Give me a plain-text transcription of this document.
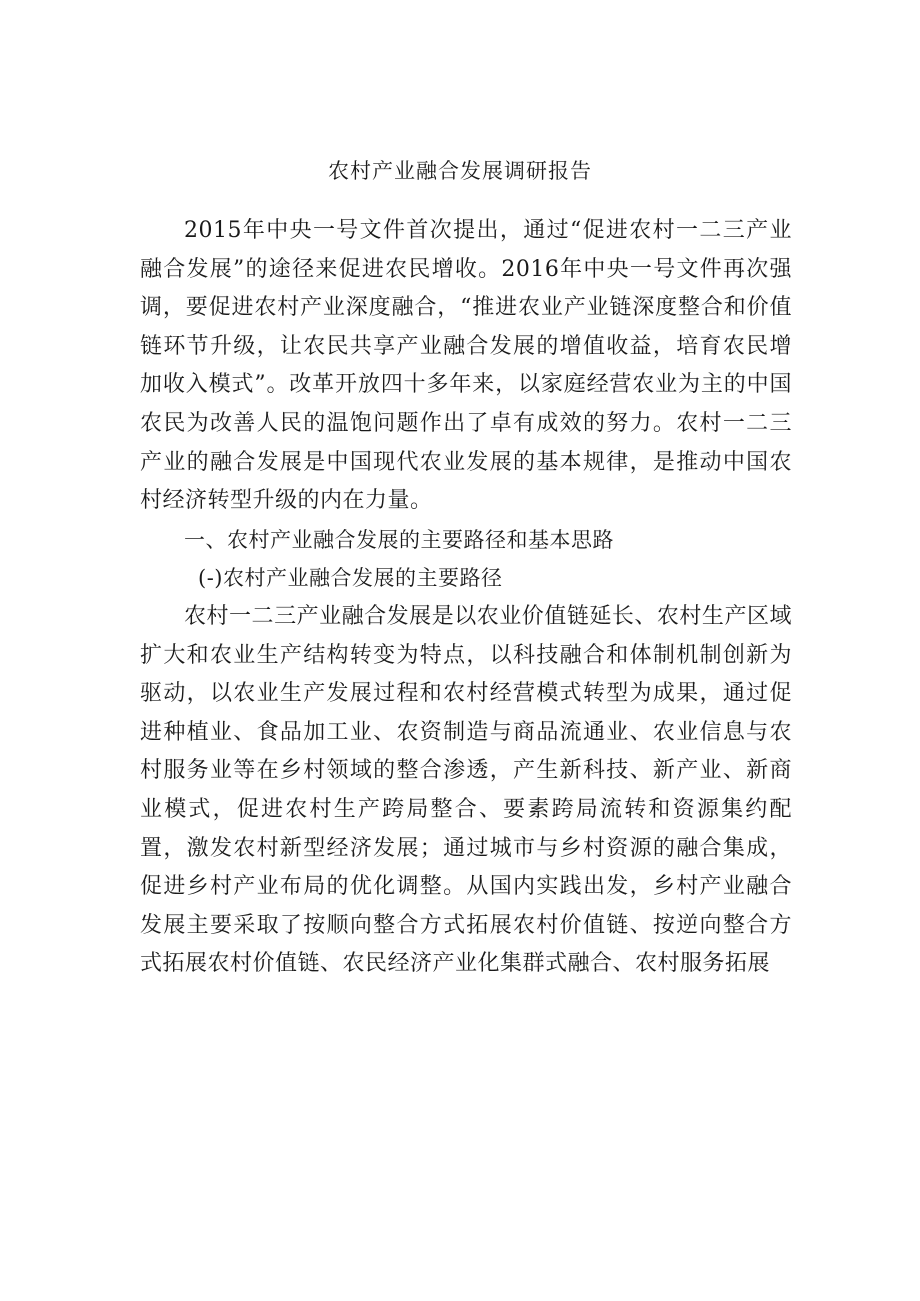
农村产业融合发展调研报告

2015年中央一号文件首次提出，通过“促进农村一二三产业融合发展”的途径来促进农民增收。2016年中央一号文件再次强调，要促进农村产业深度融合，“推进农业产业链深度整合和价值链环节升级，让农民共享产业融合发展的增值收益，培育农民增加收入模式”。改革开放四十多年来，以家庭经营农业为主的中国农民为改善人民的温饱问题作出了卓有成效的努力。农村一二三产业的融合发展是中国现代农业发展的基本规律，是推动中国农村经济转型升级的内在力量。

一、农村产业融合发展的主要路径和基本思路

(-)农村产业融合发展的主要路径

农村一二三产业融合发展是以农业价值链延长、农村生产区域扩大和农业生产结构转变为特点，以科技融合和体制机制创新为驱动，以农业生产发展过程和农村经营模式转型为成果，通过促进种植业、食品加工业、农资制造与商品流通业、农业信息与农村服务业等在乡村领域的整合渗透，产生新科技、新产业、新商业模式，促进农村生产跨局整合、要素跨局流转和资源集约配置，激发农村新型经济发展；通过城市与乡村资源的融合集成，促进乡村产业布局的优化调整。从国内实践出发，乡村产业融合发展主要采取了按顺向整合方式拓展农村价值链、按逆向整合方式拓展农村价值链、农民经济产业化集群式融合、农村服务拓展
